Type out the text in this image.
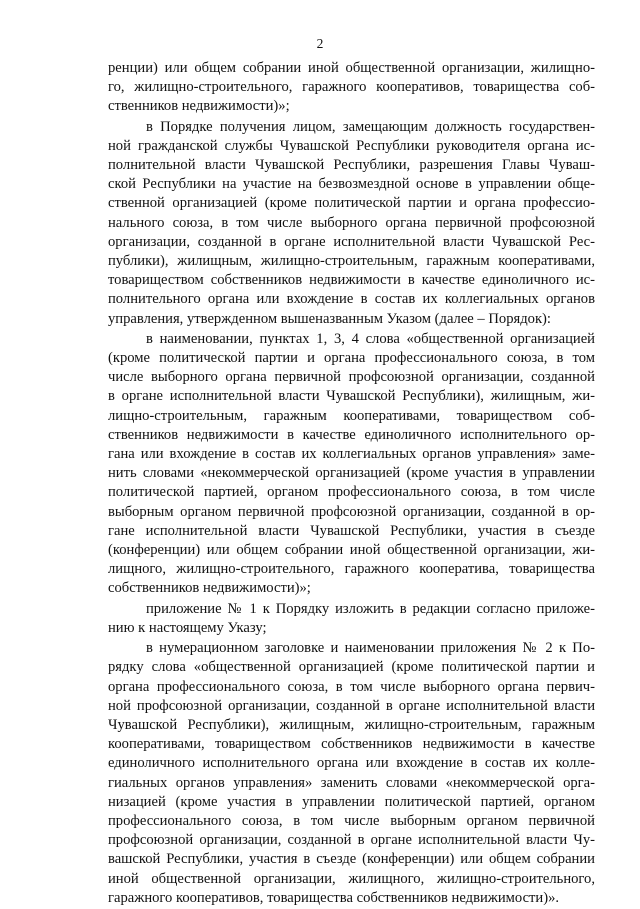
2
ренции) или общем собрании иной общественной организации, жилищно-
го, жилищно-строительного, гаражного кооперативов, товарищества соб-
ственников недвижимости)»;
в Порядке получения лицом, замещающим должность государствен-
ной гражданской службы Чувашской Республики руководителя органа ис-
полнительной власти Чувашской Республики, разрешения Главы Чуваш-
ской Республики на участие на безвозмездной основе в управлении обще-
ственной организацией (кроме политической партии и органа профессио-
нального союза, в том числе выборного органа первичной профсоюзной
организации, созданной в органе исполнительной власти Чувашской Рес-
публики), жилищным, жилищно-строительным, гаражным кооперативами,
товариществом собственников недвижимости в качестве единоличного ис-
полнительного органа или вхождение в состав их коллегиальных органов
управления, утвержденном вышеназванным Указом (далее – Порядок):
в наименовании, пунктах 1, 3, 4 слова «общественной организацией
(кроме политической партии и органа профессионального союза, в том
числе выборного органа первичной профсоюзной организации, созданной
в органе исполнительной власти Чувашской Республики), жилищным, жи-
лищно-строительным, гаражным кооперативами, товариществом соб-
ственников недвижимости в качестве единоличного исполнительного ор-
гана или вхождение в состав их коллегиальных органов управления» заме-
нить словами «некоммерческой организацией (кроме участия в управлении
политической партией, органом профессионального союза, в том числе
выборным органом первичной профсоюзной организации, созданной в ор-
гане исполнительной власти Чувашской Республики, участия в съезде
(конференции) или общем собрании иной общественной организации, жи-
лищного, жилищно-строительного, гаражного кооператива, товарищества
собственников недвижимости)»;
приложение № 1 к Порядку изложить в редакции согласно приложе-
нию к настоящему Указу;
в нумерационном заголовке и наименовании приложения № 2 к По-
рядку слова «общественной организацией (кроме политической партии и
органа профессионального союза, в том числе выборного органа первич-
ной профсоюзной организации, созданной в органе исполнительной власти
Чувашской Республики), жилищным, жилищно-строительным, гаражным
кооперативами, товариществом собственников недвижимости в качестве
единоличного исполнительного органа или вхождение в состав их колле-
гиальных органов управления» заменить словами «некоммерческой орга-
низацией (кроме участия в управлении политической партией, органом
профессионального союза, в том числе выборным органом первичной
профсоюзной организации, созданной в органе исполнительной власти Чу-
вашской Республики, участия в съезде (конференции) или общем собрании
иной общественной организации, жилищного, жилищно-строительного,
гаражного кооперативов, товарищества собственников недвижимости)».
